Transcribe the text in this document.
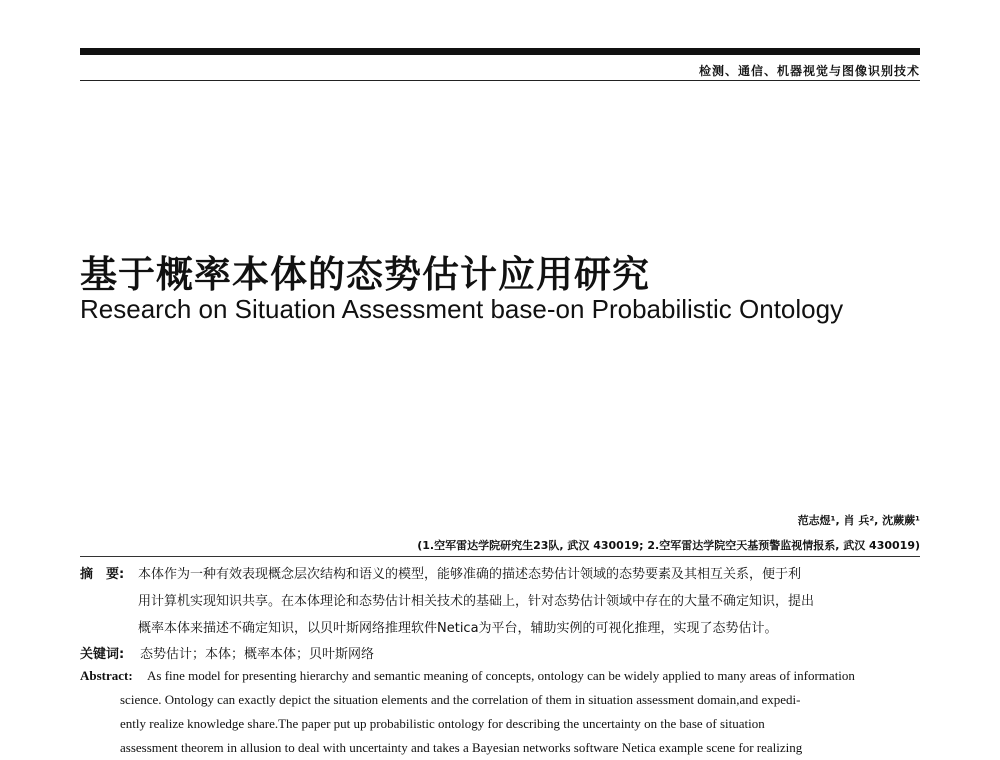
检测、通信、机器视觉与图像识别技术
基于概率本体的态势估计应用研究
Research on Situation Assessment base-on Probabilistic Ontology
范志煜¹, 肖 兵², 沈蕨蕨¹
(1.空军雷达学院研究生23队, 武汉 430019; 2.空军雷达学院空天基预警监视情报系, 武汉 430019)
摘　要: 本体作为一种有效表现概念层次结构和语义的模型，能够准确的描述态势估计领域的态势要素及其相互关系，便于利
用计算机实现知识共享。在本体理论和态势估计相关技术的基础上，针对态势估计领域中存在的大量不确定知识，提出
概率本体来描述不确定知识，以贝叶斯网络推理软件Netica为平台，辅助实例的可视化推理，实现了态势估计。
关键词: 态势估计；本体；概率本体；贝叶斯网络
Abstract: As fine model for presenting hierarchy and semantic meaning of concepts, ontology can be widely applied to many areas of information
science. Ontology can exactly depict the situation elements and the correlation of them in situation assessment domain,and expedi-
ently realize knowledge share.The paper put up probabilistic ontology for describing the uncertainty on the base of situation
assessment theorem in allusion to deal with uncertainty and takes a Bayesian networks software Netica example scene for realizing
